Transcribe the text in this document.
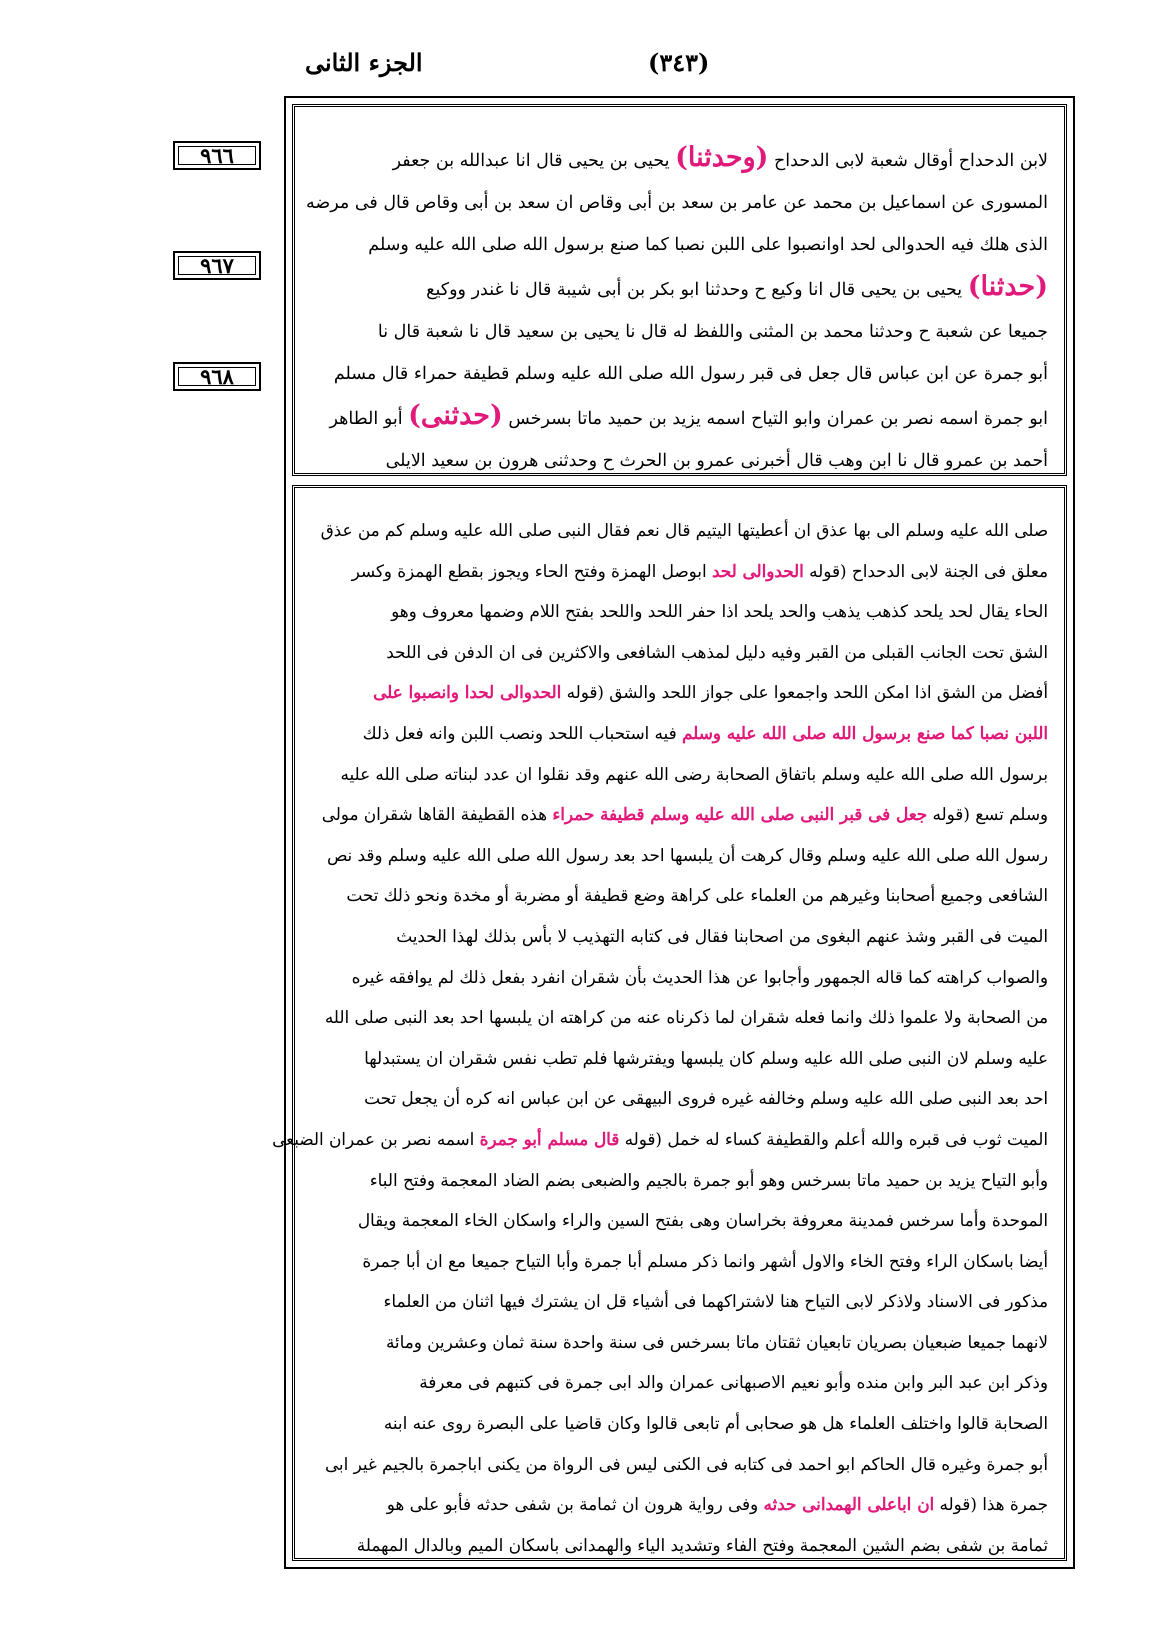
الجزء الثانى	(٣٤٣)
٩٦٦
٩٦٧
٩٦٨

لابن الدحداح أوقال شعبة لابى الدحداح (وحدثنا) يحيى بن يحيى قال انا عبدالله بن جعفر

المسورى عن اسماعيل بن محمد عن عامر بن سعد بن أبى وقاص ان سعد بن أبى وقاص قال فى مرضه

الذى هلك فيه الحدوالى لحد اوانصبوا على اللبن نصبا كما صنع برسول الله صلى الله عليه وسلم

(حدثنا) يحيى بن يحيى قال انا وكيع ح وحدثنا ابو بكر بن أبى شيبة قال نا غندر ووكيع

جميعا عن شعبة ح وحدثنا محمد بن المثنى واللفظ له قال نا يحيى بن سعيد قال نا شعبة قال نا

أبو جمرة عن ابن عباس قال جعل فى قبر رسول الله صلى الله عليه وسلم قطيفة حمراء قال مسلم

ابو جمرة اسمه نصر بن عمران وابو التياح اسمه يزيد بن حميد ماتا بسرخس (حدثنى) أبو الطاهر

أحمد بن عمرو قال نا ابن وهب قال أخبرنى عمرو بن الحرث ح وحدثنى هرون بن سعيد الايلى

صلى الله عليه وسلم الى بها عذق ان أعطيتها اليتيم قال نعم فقال النبى صلى الله عليه وسلم كم من عذق

معلق فى الجنة لابى الدحداح (قوله الحدوالى لحد ابوصل الهمزة وفتح الحاء ويجوز بقطع الهمزة وكسر

الحاء يقال لحد يلحد كذهب يذهب والحد يلحد اذا حفر اللحد واللحد بفتح اللام وضمها معروف وهو

الشق تحت الجانب القبلى من القبر وفيه دليل لمذهب الشافعى والاكثرين فى ان الدفن فى اللحد

أفضل من الشق اذا امكن اللحد واجمعوا على جواز اللحد والشق (قوله الحدوالى لحدا وانصبوا على

اللبن نصبا كما صنع برسول الله صلى الله عليه وسلم فيه استحباب اللحد ونصب اللبن وانه فعل ذلك

برسول الله صلى الله عليه وسلم باتفاق الصحابة رضى الله عنهم وقد نقلوا ان عدد لبناته صلى الله عليه

وسلم تسع (قوله جعل فى قبر النبى صلى الله عليه وسلم قطيفة حمراء هذه القطيفة القاها شقران مولى

رسول الله صلى الله عليه وسلم وقال كرهت أن يلبسها احد بعد رسول الله صلى الله عليه وسلم وقد نص

الشافعى وجميع أصحابنا وغيرهم من العلماء على كراهة وضع قطيفة أو مضربة أو مخدة ونحو ذلك تحت

الميت فى القبر وشذ عنهم البغوى من اصحابنا فقال فى كتابه التهذيب لا بأس بذلك لهذا الحديث

والصواب كراهته كما قاله الجمهور وأجابوا عن هذا الحديث بأن شقران انفرد بفعل ذلك لم يوافقه غيره

من الصحابة ولا علموا ذلك وانما فعله شقران لما ذكرناه عنه من كراهته ان يلبسها احد بعد النبى صلى الله

عليه وسلم لان النبى صلى الله عليه وسلم كان يلبسها ويفترشها فلم تطب نفس شقران ان يستبدلها

احد بعد النبى صلى الله عليه وسلم وخالفه غيره فروى البيهقى عن ابن عباس انه كره أن يجعل تحت

الميت ثوب فى قبره والله أعلم والقطيفة كساء له خمل (قوله قال مسلم أبو جمرة اسمه نصر بن عمران الضبعى

وأبو التياح يزيد بن حميد ماتا بسرخس وهو أبو جمرة بالجيم والضبعى بضم الضاد المعجمة وفتح الباء

الموحدة وأما سرخس فمدينة معروفة بخراسان وهى بفتح السين والراء واسكان الخاء المعجمة ويقال

أيضا باسكان الراء وفتح الخاء والاول أشهر وانما ذكر مسلم أبا جمرة وأبا التياح جميعا مع ان أبا جمرة

مذكور فى الاسناد ولاذكر لابى التياح هنا لاشتراكهما فى أشياء قل ان يشترك فيها اثنان من العلماء

لانهما جميعا ضبعيان بصريان تابعيان ثقتان ماتا بسرخس فى سنة واحدة سنة ثمان وعشرين ومائة

وذكر ابن عبد البر وابن منده وأبو نعيم الاصبهانى عمران والد ابى جمرة فى كتبهم فى معرفة

الصحابة قالوا واختلف العلماء هل هو صحابى أم تابعى قالوا وكان قاضيا على البصرة روى عنه ابنه

أبو جمرة وغيره قال الحاكم ابو احمد فى كتابه فى الكنى ليس فى الرواة من يكنى اباجمرة بالجيم غير ابى

جمرة هذا (قوله ان اباعلى الهمدانى حدثه وفى رواية هرون ان ثمامة بن شفى حدثه فأبو على هو

ثمامة بن شفى بضم الشين المعجمة وفتح الفاء وتشديد الياء والهمدانى باسكان الميم وبالدال المهملة
